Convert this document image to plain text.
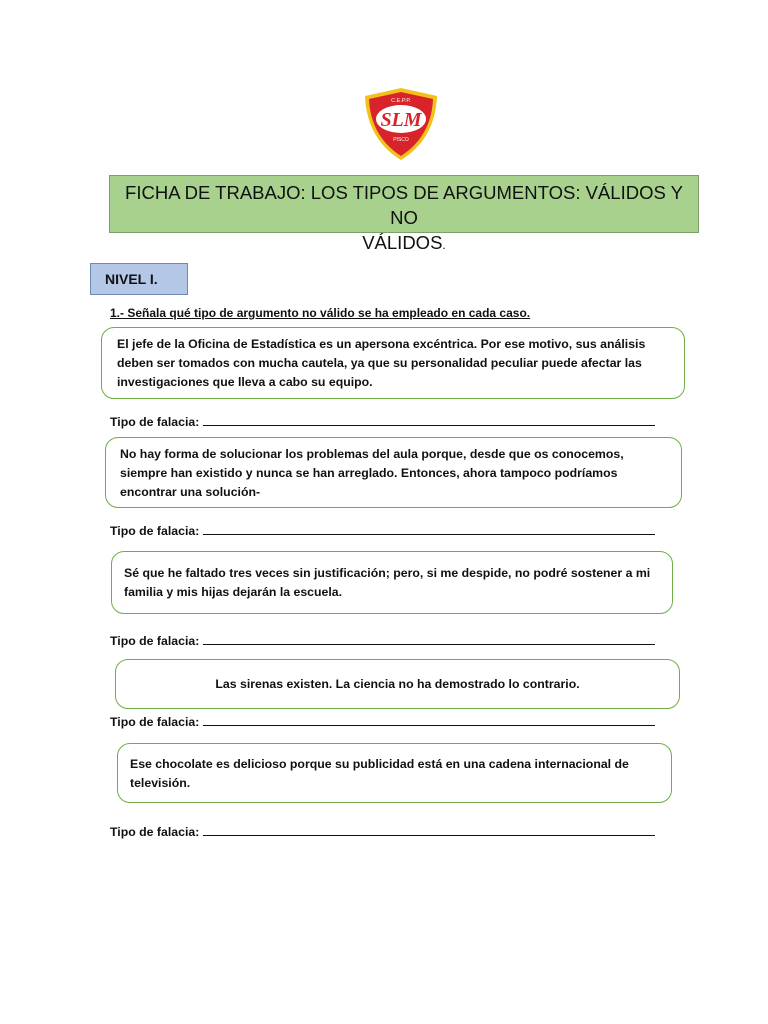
SLM
C.E.P.P.
PISCO
FICHA DE TRABAJO: LOS TIPOS DE ARGUMENTOS: VÁLIDOS Y NO
VÁLIDOS.
NIVEL I.
1.- Señala qué tipo de argumento no válido se ha empleado en cada caso.
El jefe de la Oficina de Estadística es un apersona excéntrica. Por ese motivo, sus análisis
deben ser tomados con mucha cautela, ya que su personalidad peculiar puede afectar las
investigaciones que lleva a cabo su equipo.
Tipo de falacia:
No hay forma de solucionar los problemas del aula porque, desde que os conocemos,
siempre han existido y nunca se han arreglado. Entonces, ahora tampoco podríamos
encontrar una solución-
Tipo de falacia:
Sé que he faltado tres veces sin justificación; pero, si me despide, no podré sostener a mi
familia y mis hijas dejarán la escuela.
Tipo de falacia:
Las sirenas existen. La ciencia no ha demostrado lo contrario.
Tipo de falacia:
Ese chocolate es delicioso porque su publicidad está en una cadena internacional de
televisión.
Tipo de falacia:
